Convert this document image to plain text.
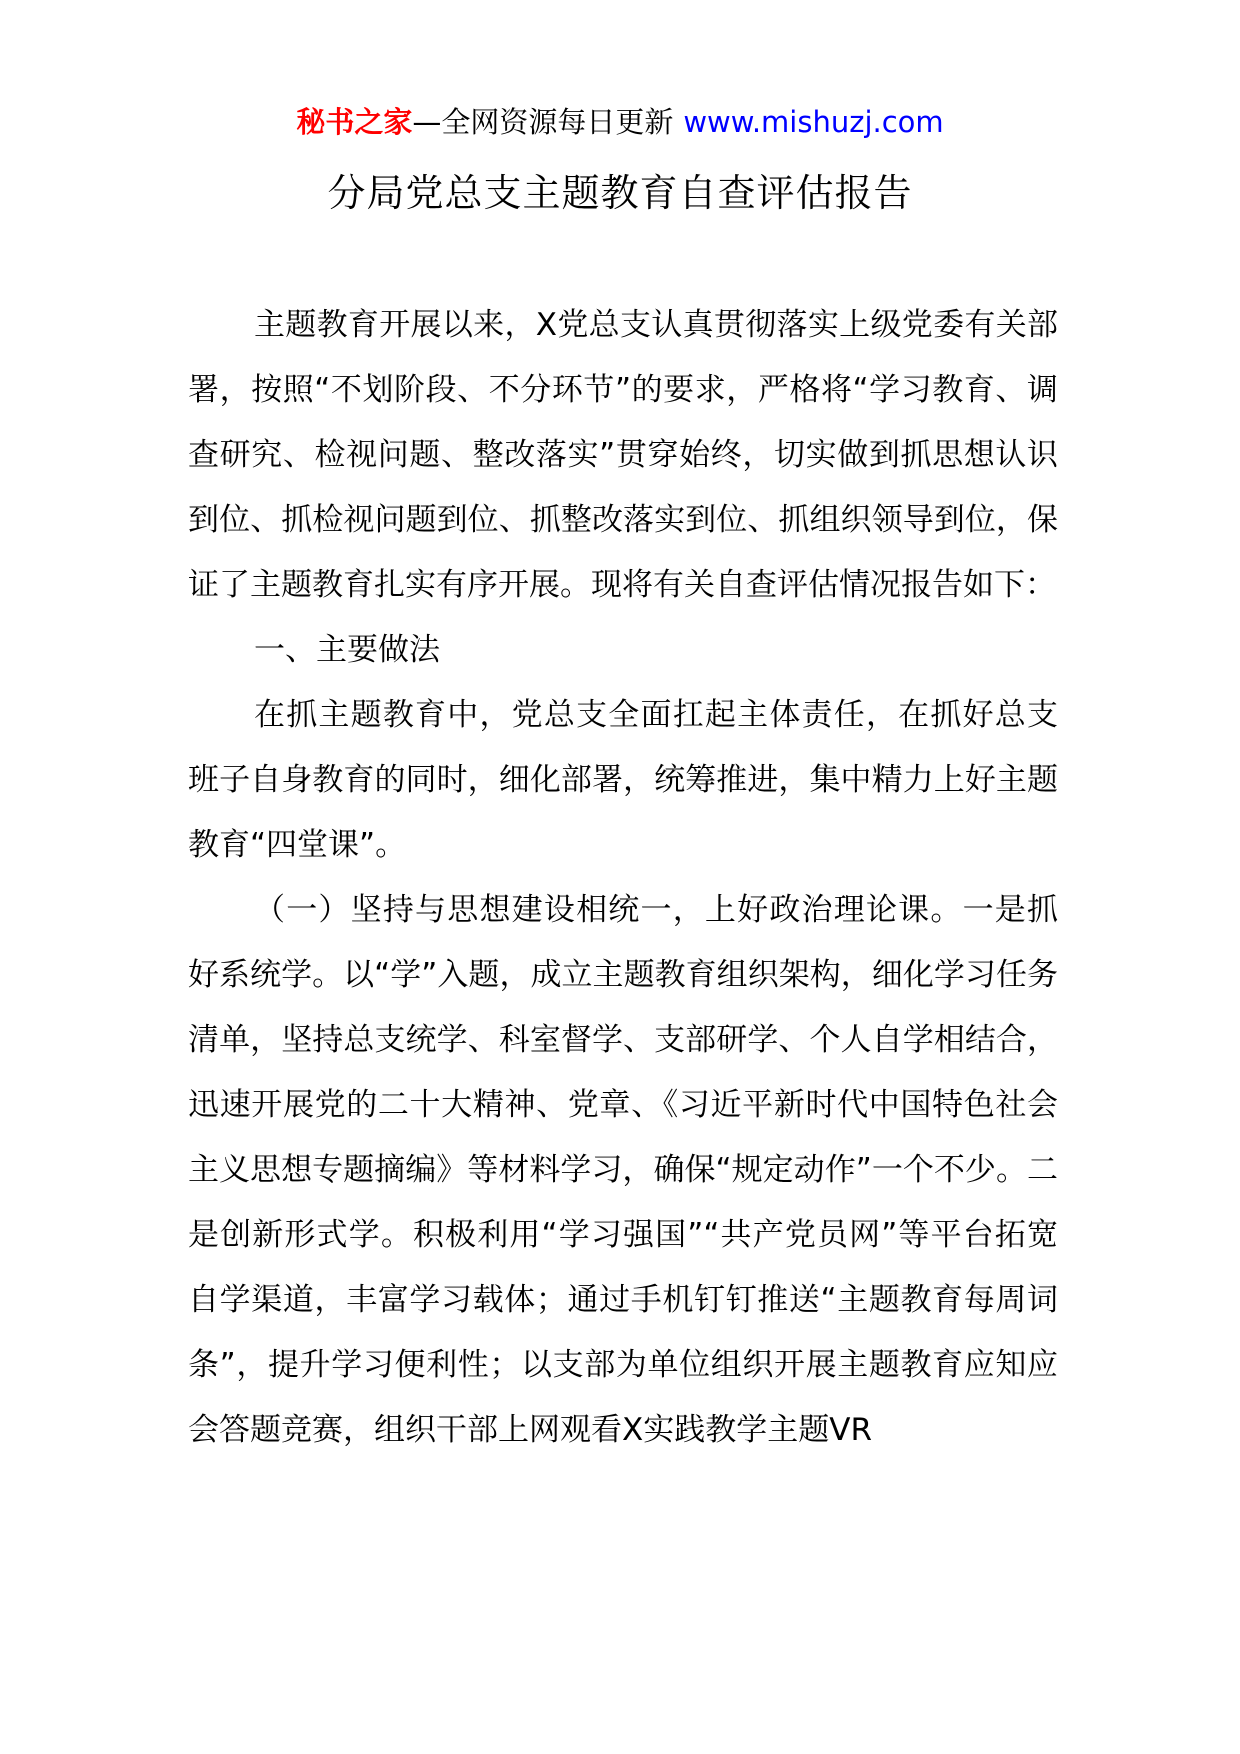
秘书之家—全网资源每日更新 www.mishuzj.com
分局党总支主题教育自查评估报告

主题教育开展以来，X党总支认真贯彻落实上级党委有关部署，按照“不划阶段、不分环节”的要求，严格将“学习教育、调查研究、检视问题、整改落实”贯穿始终，切实做到抓思想认识到位、抓检视问题到位、抓整改落实到位、抓组织领导到位，保证了主题教育扎实有序开展。现将有关自查评估情况报告如下：

一、主要做法

在抓主题教育中，党总支全面扛起主体责任，在抓好总支班子自身教育的同时，细化部署，统筹推进，集中精力上好主题教育“四堂课”。

（一）坚持与思想建设相统一，上好政治理论课。一是抓好系统学。以“学”入题，成立主题教育组织架构，细化学习任务清单，坚持总支统学、科室督学、支部研学、个人自学相结合，迅速开展党的二十大精神、党章、《习近平新时代中国特色社会主义思想专题摘编》等材料学习，确保“规定动作”一个不少。二是创新形式学。积极利用“学习强国”“共产党员网”等平台拓宽自学渠道，丰富学习载体；通过手机钉钉推送“主题教育每周词条”，提升学习便利性；以支部为单位组织开展主题教育应知应会答题竞赛，组织干部上网观看X实践教学主题VR
